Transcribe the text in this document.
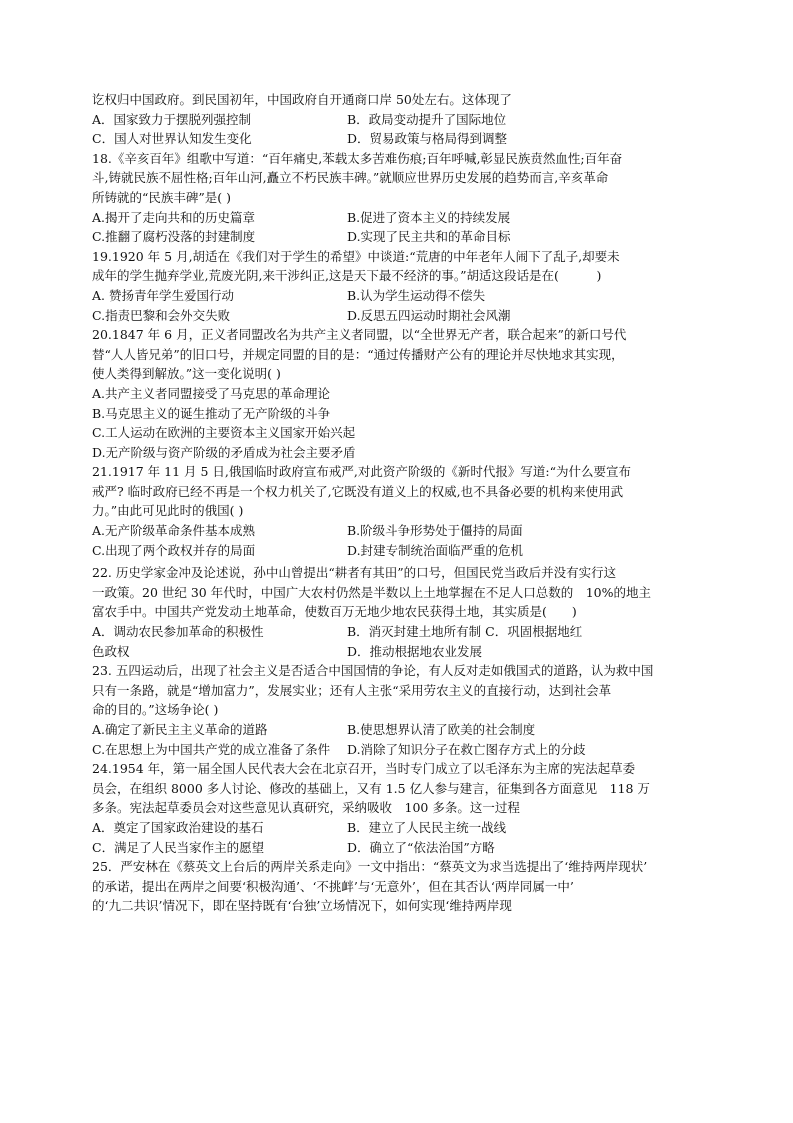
讫权归中国政府。到民国初年，中国政府自开通商口岸 50处左右。这体现了
A．国家致力于摆脱列强控制	B．政局变动提升了国际地位
C．国人对世界认知发生变化	D．贸易政策与格局得到调整
18.《辛亥百年》组歌中写道：“百年痛史,苯载太多苦难伤痕;百年呼喊,彰显民族贲然血性;百年奋
斗,铸就民族不屈性格;百年山河,矗立不朽民族丰碑。”就顺应世界历史发展的趋势而言,辛亥革命
所铸就的“民族丰碑”是( )
A.揭开了走向共和的历史篇章	B.促进了资本主义的持续发展
C.推翻了腐朽没落的封建制度	D.实现了民主共和的革命目标
19.1920 年 5 月,胡适在《我们对于学生的希望》中谈道:“荒唐的中年老年人闹下了乱子,却要未
成年的学生抛弃学业,荒废光阴,来干涉纠正,这是天下最不经济的事。”胡适这段话是在(　　　)
A. 赞扬青年学生爱国行动	B.认为学生运动得不偿失
C.指责巴黎和会外交失败	D.反思五四运动时期社会风潮
20.1847 年 6 月，正义者同盟改名为共产主义者同盟，以“全世界无产者，联合起来”的新口号代
替“人人皆兄弟”的旧口号，并规定同盟的目的是：“通过传播财产公有的理论并尽快地求其实现，
使人类得到解放。”这一变化说明( )
A.共产主义者同盟接受了马克思的革命理论
B.马克思主义的诞生推动了无产阶级的斗争
C.工人运动在欧洲的主要资本主义国家开始兴起
D.无产阶级与资产阶级的矛盾成为社会主要矛盾
21.1917 年 11 月 5 日,俄国临时政府宣布戒严,对此资产阶级的《新时代报》写道:“为什么要宣布
戒严? 临时政府已经不再是一个权力机关了,它既没有道义上的权威,也不具备必要的机构来使用武
力。”由此可见此时的俄国( )
A.无产阶级革命条件基本成熟	B.阶级斗争形势处于僵持的局面
C.出现了两个政权并存的局面	D.封建专制统治面临严重的危机
22. 历史学家金冲及论述说，孙中山曾提出“耕者有其田”的口号，但国民党当政后并没有实行这
一政策。20 世纪 30 年代时，中国广大农村仍然是半数以上土地掌握在不足人口总数的　10%的地主
富农手中。中国共产党发动土地革命，使数百万无地少地农民获得土地，其实质是(　　)
A．调动农民参加革命的积极性	B．消灭封建土地所有制 C．巩固根据地红
色政权	D．推动根据地农业发展
23. 五四运动后，出现了社会主义是否适合中国国情的争论，有人反对走如俄国式的道路，认为救中国
只有一条路，就是“增加富力”，发展实业；还有人主张“采用劳农主义的直接行动，达到社会革
命的目的。”这场争论( )
A.确定了新民主主义革命的道路	B.使思想界认清了欧美的社会制度
C.在思想上为中国共产党的成立准备了条件	D.消除了知识分子在救亡图存方式上的分歧
24.1954 年，第一届全国人民代表大会在北京召开，当时专门成立了以毛泽东为主席的宪法起草委
员会，在组织 8000 多人讨论、修改的基础上，又有 1.5 亿人参与建言，征集到各方面意见　118 万
多条。宪法起草委员会对这些意见认真研究，采纳吸收　100 多条。这一过程
A．奠定了国家政治建设的基石	B．建立了人民民主统一战线
C．满足了人民当家作主的愿望	D．确立了“依法治国”方略
25．严安林在《蔡英文上台后的两岸关系走向》一文中指出：“蔡英文为求当选提出了‘维持两岸现状’
的承诺，提出在两岸之间要‘积极沟通’、‘不挑衅’与‘无意外’，但在其否认‘两岸同属一中’
的‘九二共识’情况下，即在坚持既有‘台独’立场情况下，如何实现‘维持两岸现
